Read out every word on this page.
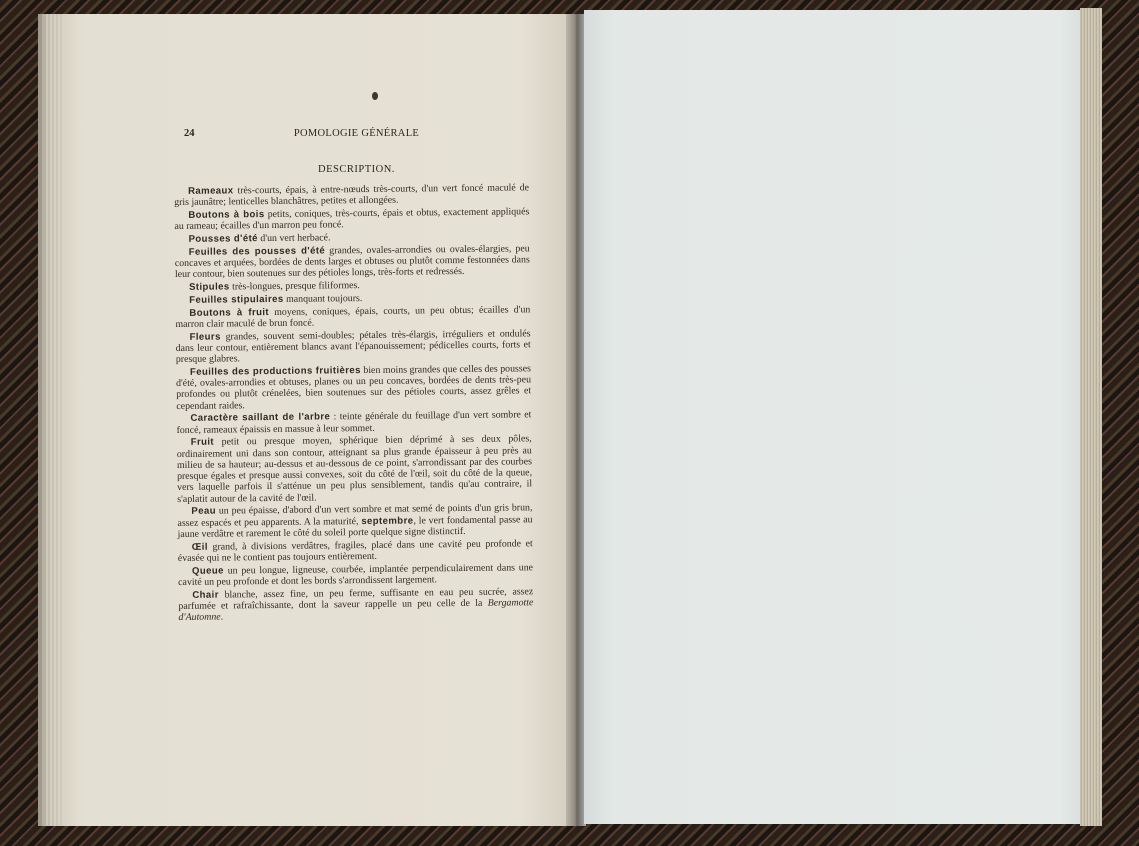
24	POMOLOGIE GÉNÉRALE
DESCRIPTION.

Rameaux très-courts, épais, à entre-nœuds très-courts, d'un vert foncé maculé de gris jaunâtre; lenticelles blanchâtres, petites et allongées.

Boutons à bois petits, coniques, très-courts, épais et obtus, exactement appliqués au rameau; écailles d'un marron peu foncé.

Pousses d'été d'un vert herbacé.

Feuilles des pousses d'été grandes, ovales-arrondies ou ovales-élargies, peu concaves et arquées, bordées de dents larges et obtuses ou plutôt comme festonnées dans leur contour, bien soutenues sur des pétioles longs, très-forts et redressés.

Stipules très-longues, presque filiformes.

Feuilles stipulaires manquant toujours.

Boutons à fruit moyens, coniques, épais, courts, un peu obtus; écailles d'un marron clair maculé de brun foncé.

Fleurs grandes, souvent semi-doubles; pétales très-élargis, irréguliers et ondulés dans leur contour, entièrement blancs avant l'épanouissement; pédicelles courts, forts et presque glabres.

Feuilles des productions fruitières bien moins grandes que celles des pousses d'été, ovales-arrondies et obtuses, planes ou un peu concaves, bordées de dents très-peu profondes ou plutôt crénelées, bien soutenues sur des pétioles courts, assez grêles et cependant raides.

Caractère saillant de l'arbre : teinte générale du feuillage d'un vert sombre et foncé, rameaux épaissis en massue à leur sommet.

Fruit petit ou presque moyen, sphérique bien déprimé à ses deux pôles, ordinairement uni dans son contour, atteignant sa plus grande épaisseur à peu près au milieu de sa hauteur; au-dessus et au-dessous de ce point, s'arrondissant par des courbes presque égales et presque aussi convexes, soit du côté de l'œil, soit du côté de la queue, vers laquelle parfois il s'atténue un peu plus sensiblement, tandis qu'au contraire, il s'aplatit autour de la cavité de l'œil.

Peau un peu épaisse, d'abord d'un vert sombre et mat semé de points d'un gris brun, assez espacés et peu apparents. A la maturité, septembre, le vert fondamental passe au jaune verdâtre et rarement le côté du soleil porte quelque signe distinctif.

Œil grand, à divisions verdâtres, fragiles, placé dans une cavité peu profonde et évasée qui ne le contient pas toujours entièrement.

Queue un peu longue, ligneuse, courbée, implantée perpendiculairement dans une cavité un peu profonde et dont les bords s'arrondissent largement.

Chair blanche, assez fine, un peu ferme, suffisante en eau peu sucrée, assez parfumée et rafraîchissante, dont la saveur rappelle un peu celle de la Bergamotte d'Automne.
